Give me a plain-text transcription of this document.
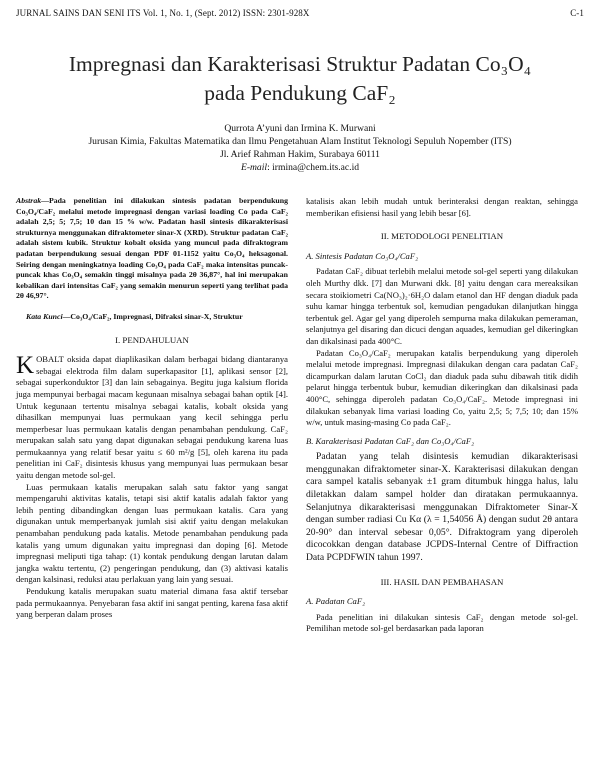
JURNAL SAINS DAN SENI ITS Vol. 1, No. 1, (Sept. 2012) ISSN: 2301-928X	C-1
Impregnasi dan Karakterisasi Struktur Padatan Co₃O₄
pada Pendukung CaF₂
Qurrota A’yuni dan Irmina K. Murwani
Jurusan Kimia, Fakultas Matematika dan Ilmu Pengetahuan Alam Institut Teknologi Sepuluh Nopember (ITS)
Jl. Arief Rahman Hakim, Surabaya 60111
E-mail: irmina@chem.its.ac.id

Abstrak—Pada penelitian ini dilakukan sintesis padatan berpendukung Co₃O₄/CaF₂ melalui metode impregnasi dengan variasi loading Co pada CaF₂ adalah 2,5; 5; 7,5; 10 dan 15 % w/w. Padatan hasil sintesis dikarakterisasi strukturnya menggunakan difraktometer sinar-X (XRD). Struktur padatan CaF₂ adalah sistem kubik. Struktur kobalt oksida yang muncul pada difraktogram padatan berpendukung sesuai dengan PDF 01-1152 yaitu Co₃O₄ heksagonal. Seiring dengan meningkatnya loading Co₃O₄ pada CaF₂ maka intensitas puncak-puncak khas Co₃O₄ semakin tinggi misalnya pada 2θ 36,87°, hal ini merupakan kebalikan dari intensitas CaF₂ yang semakin menurun seperti yang terlihat pada 2θ 46,97°.

Kata Kunci—Co₃O₄/CaF₂, Impregnasi, Difraksi sinar-X, Struktur

I. PENDAHULUAN

KOBALT oksida dapat diaplikasikan dalam berbagai bidang diantaranya sebagai elektroda film dalam superkapasitor [1], aplikasi sensor [2], sebagai superkonduktor [3] dan lain sebagainya. Begitu juga kalsium florida juga mempunyai berbagai macam kegunaan misalnya sebagai bahan optik [4]. Untuk kegunaan tertentu misalnya sebagai katalis, kobalt oksida yang dihasilkan mempunyai luas permukaan yang kecil sehingga perlu memperbesar luas permukaan katalis dengan penambahan pendukung. CaF₂ merupakan salah satu yang dapat digunakan sebagai pendukung karena luas permukaannya yang relatif besar yaitu ≤ 60 m²/g [5], oleh karena itu pada penelitian ini CaF₂ disintesis khusus yang mempunyai luas permukaan besar yaitu dengan metode sol-gel.

Luas permukaan katalis merupakan salah satu faktor yang sangat mempengaruhi aktivitas katalis, tetapi sisi aktif katalis adalah faktor yang lebih penting dibandingkan dengan luas permukaan katalis. Cara yang digunakan untuk memperbanyak jumlah sisi aktif yaitu dengan melakukan penambahan pendukung pada katalis. Metode penambahan pendukung pada katalis yang umum digunakan yaitu impregnasi dan doping [6]. Metode impregnasi meliputi tiga tahap: (1) kontak pendukung dengan larutan dalam jangka waktu tertentu, (2) pengeringan pendukung, dan (3) aktivasi katalis dengan kalsinasi, reduksi atau perlakuan yang lain yang sesuai.

Pendukung katalis merupakan suatu material dimana fasa aktif tersebar pada permukaannya. Penyebaran fasa aktif ini sangat penting, karena fasa aktif yang berperan dalam proses

katalisis akan lebih mudah untuk berinteraksi dengan reaktan, sehingga memberikan efisiensi hasil yang lebih besar [6].

II. METODOLOGI PENELITIAN
A. Sintesis Padatan Co₃O₄/CaF₂

Padatan CaF₂ dibuat terlebih melalui metode sol-gel seperti yang dilakukan oleh Murthy dkk. [7] dan Murwani dkk. [8] yaitu dengan cara mereaksikan secara stoikiometri Ca(NO₃)₂·6H₂O dalam etanol dan HF dengan diaduk pada suhu kamar hingga terbentuk sol, kemudian pengadukan dilanjutkan hingga terbentuk gel. Agar gel yang diperoleh sempurna maka dilakukan pemeraman, selanjutnya gel disaring dan dicuci dengan aquades, kemudian gel dikeringkan dan dikalsinasi pada 400°C.

Padatan Co₃O₄/CaF₂ merupakan katalis berpendukung yang diperoleh melalui metode impregnasi. Impregnasi dilakukan dengan cara padatan CaF₂ dicampurkan dalam larutan CoCl₂ dan diaduk pada suhu dibawah titik didih pelarut hingga terbentuk bubur, kemudian dikeringkan dan dikalsinasi pada 400°C, sehingga diperoleh padatan Co₃O₄/CaF₂. Metode impregnasi ini dilakukan sebanyak lima variasi loading Co, yaitu 2,5; 5; 7,5; 10; dan 15% w/w, untuk masing-masing Co pada CaF₂.

B. Karakterisasi Padatan CaF₂ dan Co₃O₄/CaF₂

Padatan yang telah disintesis kemudian dikarakterisasi menggunakan difraktometer sinar-X. Karakterisasi dilakukan dengan cara sampel katalis sebanyak ±1 gram ditumbuk hingga halus, lalu diletakkan dalam sampel holder dan diratakan permukaannya. Selanjutnya dikarakterisasi menggunakan Difraktometer Sinar-X dengan sumber radiasi Cu Kα (λ = 1,54056 Å) dengan sudut 2θ antara 20-90° dan interval sebesar 0,05°. Difraktogram yang diperoleh dicocokkan dengan database JCPDS-Internal Centre of Diffraction Data PCPDFWIN tahun 1997.

III. HASIL DAN PEMBAHASAN
A. Padatan CaF₂

Pada penelitian ini dilakukan sintesis CaF₂ dengan metode sol-gel. Pemilihan metode sol-gel berdasarkan pada laporan
